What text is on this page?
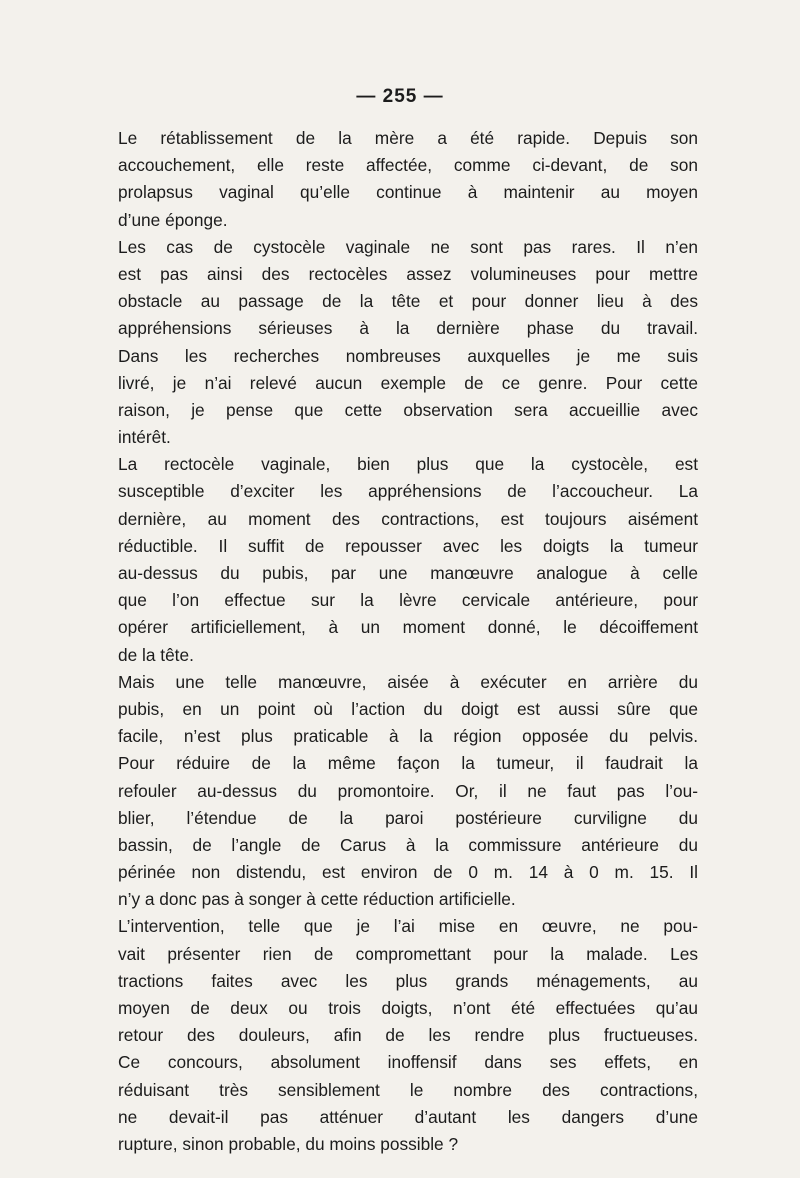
— 255 —
Le rétablissement de la mère a été rapide. Depuis son
accouchement, elle reste affectée, comme ci-devant, de son
prolapsus vaginal qu’elle continue à maintenir au moyen
d’une éponge.
Les cas de cystocèle vaginale ne sont pas rares. Il n’en
est pas ainsi des rectocèles assez volumineuses pour mettre
obstacle au passage de la tête et pour donner lieu à des
appréhensions sérieuses à la dernière phase du travail.
Dans les recherches nombreuses auxquelles je me suis
livré, je n’ai relevé aucun exemple de ce genre. Pour cette
raison, je pense que cette observation sera accueillie avec
intérêt.
La rectocèle vaginale, bien plus que la cystocèle, est
susceptible d’exciter les appréhensions de l’accoucheur. La
dernière, au moment des contractions, est toujours aisément
réductible. Il suffit de repousser avec les doigts la tumeur
au-dessus du pubis, par une manœuvre analogue à celle
que l’on effectue sur la lèvre cervicale antérieure, pour
opérer artificiellement, à un moment donné, le décoiffement
de la tête.
Mais une telle manœuvre, aisée à exécuter en arrière du
pubis, en un point où l’action du doigt est aussi sûre que
facile, n’est plus praticable à la région opposée du pelvis.
Pour réduire de la même façon la tumeur, il faudrait la
refouler au-dessus du promontoire. Or, il ne faut pas l’ou-
blier, l’étendue de la paroi postérieure curviligne du
bassin, de l’angle de Carus à la commissure antérieure du
périnée non distendu, est environ de 0 m. 14 à 0 m. 15. Il
n’y a donc pas à songer à cette réduction artificielle.
L’intervention, telle que je l’ai mise en œuvre, ne pou-
vait présenter rien de compromettant pour la malade. Les
tractions faites avec les plus grands ménagements, au
moyen de deux ou trois doigts, n’ont été effectuées qu’au
retour des douleurs, afin de les rendre plus fructueuses.
Ce concours, absolument inoffensif dans ses effets, en
réduisant très sensiblement le nombre des contractions,
ne devait-il pas atténuer d’autant les dangers d’une
rupture, sinon probable, du moins possible ?
